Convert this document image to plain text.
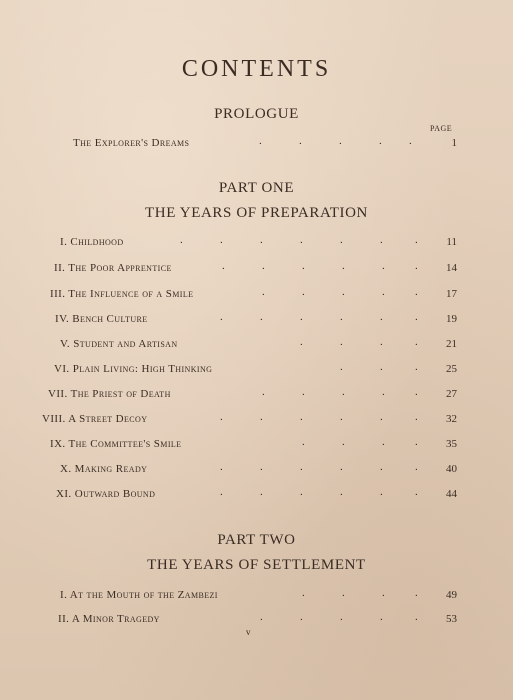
CONTENTS
PROLOGUE
PAGE
The Explorer's Dreams	.	.	.	. .	1
PART ONE
THE YEARS OF PREPARATION
I. Childhood	.	.	.	.	.	.	.	11
II. The Poor Apprentice	.	.	.	.	.	.	14
III. The Influence of a Smile	.	.	.	.	.	17
IV. Bench Culture	.	.	.	.	.	.	19
V. Student and Artisan	.	.	.	.	21
VI. Plain Living: High Thinking	.	.	.	25
VII. The Priest of Death	.	.	.	.	.	27
VIII. A Street Decoy	.	.	.	.	.	.	32
IX. The Committee's Smile	.	.	.	.	35
X. Making Ready	.	.	.	.	.	.	40
XI. Outward Bound	.	.	.	.	.	.	44
PART TWO
THE YEARS OF SETTLEMENT
I. At the Mouth of the Zambezi	.	.	.	.	49
II. A Minor Tragedy	.	.	.	.	.	53
v
